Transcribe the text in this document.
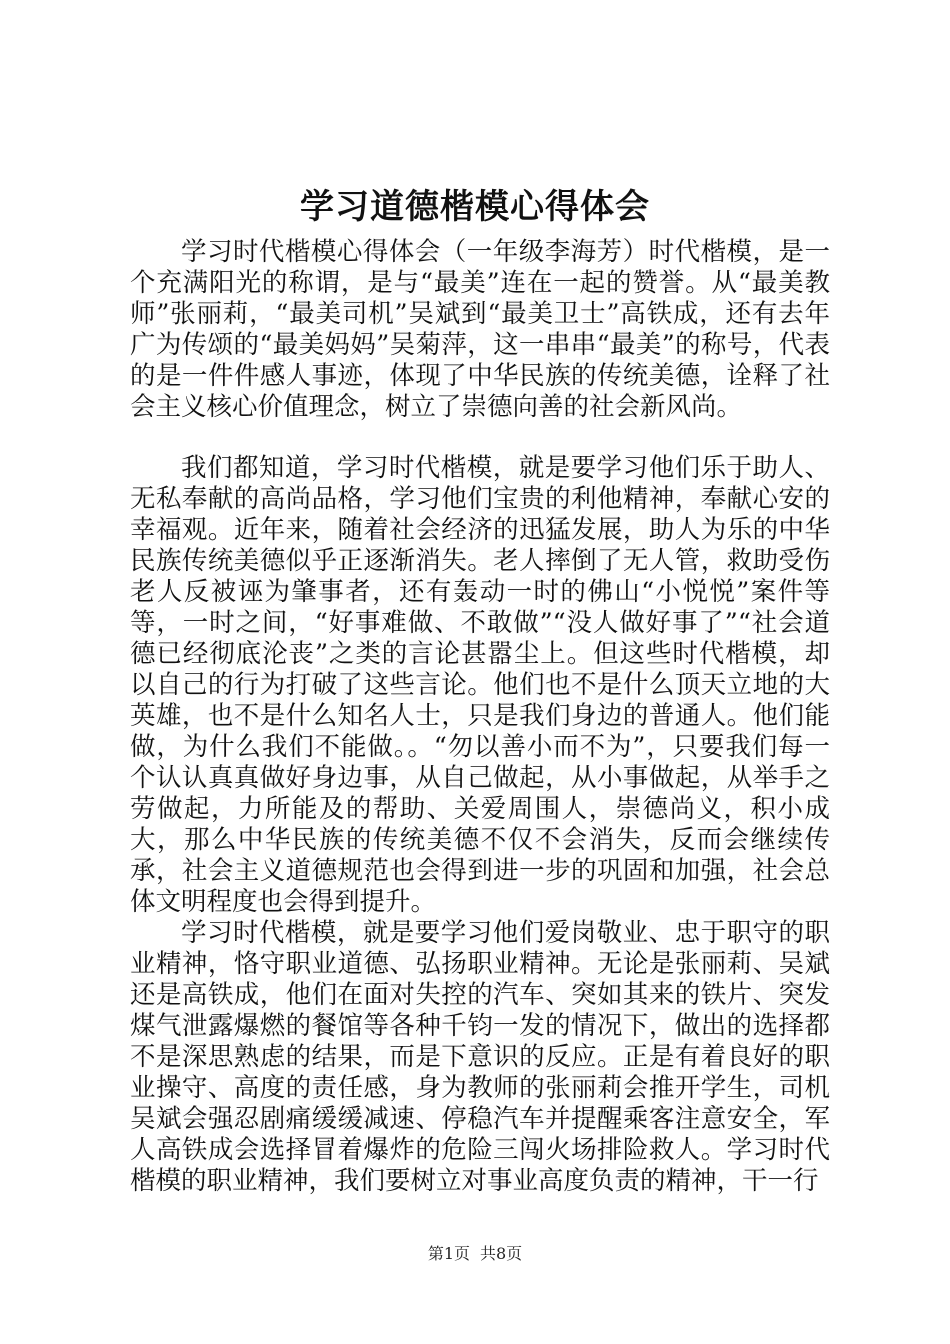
学习道德楷模心得体会

学习时代楷模心得体会（一年级李海芳）时代楷模，是一个充满阳光的称谓，是与“最美”连在一起的赞誉。从“最美教师”张丽莉，“最美司机”吴斌到“最美卫士”高铁成，还有去年广为传颂的“最美妈妈”吴菊萍，这一串串“最美”的称号，代表的是一件件感人事迹，体现了中华民族的传统美德，诠释了社会主义核心价值理念，树立了崇德向善的社会新风尚。

我们都知道，学习时代楷模，就是要学习他们乐于助人、无私奉献的高尚品格，学习他们宝贵的利他精神，奉献心安的幸福观。近年来，随着社会经济的迅猛发展，助人为乐的中华民族传统美德似乎正逐渐消失。老人摔倒了无人管，救助受伤老人反被诬为肇事者，还有轰动一时的佛山“小悦悦”案件等等，一时之间，“好事难做、不敢做”“没人做好事了”“社会道德已经彻底沦丧”之类的言论甚嚣尘上。但这些时代楷模，却以自己的行为打破了这些言论。他们也不是什么顶天立地的大英雄，也不是什么知名人士，只是我们身边的普通人。他们能做，为什么我们不能做。。“勿以善小而不为”，只要我们每一个认认真真做好身边事，从自己做起，从小事做起，从举手之劳做起，力所能及的帮助、关爱周围人，崇德尚义，积小成大，那么中华民族的传统美德不仅不会消失，反而会继续传承，社会主义道德规范也会得到进一步的巩固和加强，社会总体文明程度也会得到提升。

学习时代楷模，就是要学习他们爱岗敬业、忠于职守的职业精神，恪守职业道德、弘扬职业精神。无论是张丽莉、吴斌还是高铁成，他们在面对失控的汽车、突如其来的铁片、突发煤气泄露爆燃的餐馆等各种千钧一发的情况下，做出的选择都不是深思熟虑的结果，而是下意识的反应。正是有着良好的职业操守、高度的责任感，身为教师的张丽莉会推开学生，司机吴斌会强忍剧痛缓缓减速、停稳汽车并提醒乘客注意安全，军人高铁成会选择冒着爆炸的危险三闯火场排险救人。学习时代楷模的职业精神，我们要树立对事业高度负责的精神，干一行

第1页 共8页
